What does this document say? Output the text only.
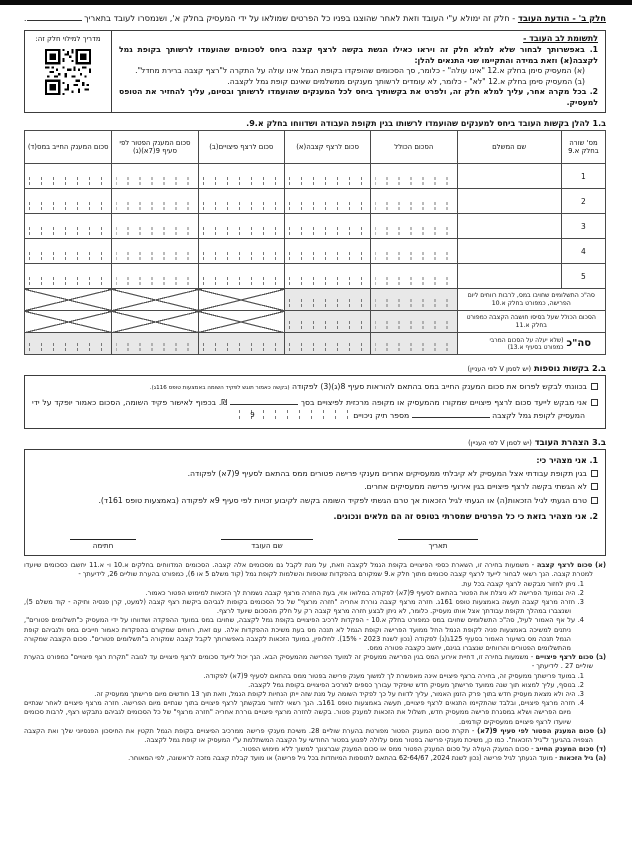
חלק ב' - הודעת העובד - חלק זה ימולא ע"י העובד וזאת לאחר שהוצגו בפניו כל הפרטים שמולאו על ידי המעסיק בחלק א', ושנמסרו לעובד בתאריך .
לתשומת לב העובד -
1. באפשרותך לבחור שלא למלא חלק זה ויראו כאילו הגשת בקשה לרצף קצבה ביחס לסכומים שהועמדו לרשותך בקופת גמל לקצבה(א) וזאת במידה והתקיימו שני התנאים להלן:
(א) המעסיק סימן בחלק א.12 "אינו עולה" - כלומר, סך הסכומים שהופקדו בקופת הגמל אינו עולה על התקרה ל"רצף קצבה ברירת מחדל".
(ב) המעסיק סימן בחלק א.12 "לא" - כלומר, לא עומדים לרשותך מענקים ממשלמים שאינם קופת גמל לקצבה.
2. בכל מקרה אחר, עליך למלא חלק זה, ולפרט את בקשותיך ביחס לכל המענקים שהועמדו לרשותך ובסיום, עליך להחזיר את הטופס למעסיק.
מדריך למילוי חלק זה:
ב.1 להלן בקשות העובד ביחס למענקים שהועמדו לרשותו בגין תקופת העבודה ושדווחו בחלק א.9.
מס' שורה בחלק א.9	שם המשלם	הסכום הכולל	סכום לרצף קצבה(א)	סכום לרצף פיצויים(ב)	סכום המענק הפטור לפי סעיף 9(7א)(ג)	סכום המענק החייב במס(ד)
1		

2		

3		

4		

5		

סה"כ התשלומים שחויבו במס, לרבות רווחים ליום הפרישה, כמפורט בחלק א.10		

הסכום הכולל שעל בסיסו חושבה הקצבה כמפורט בחלק א.11		

סה"כ
(שלא יעלה על הסכום המרבי כמפורט בסעיף א.13)						

ב.2 בקשות נוספות (יש לסמן V לפי העניין)
בכוונתי לבקש לפרוס את סכום המענק החייב במס בהתאם להוראות סעיף 8(ג)(3) לפקודה (בקשה כאמור תוגש לפקיד השומה באמצעות טופס 116ג).
אני מבקש לייעד סכום לרצף פיצויים שמקורו מהמעסיק או מקופה מרכזית לפיצויים בסך  ₪. בכפוף לאישור פקיד השומה, הסכום כאמור יופקד על ידי המעסיק לקופת גמל לקצבה  מספר תיק ניכויים
9
ב.3 הצהרת העובד (יש לסמן V לפי העניין)
1. אני מצהיר כי:
בגין תקופת עבודתי אצל המעסיק לא קיבלתי ממעסיקים אחרים מענקי פרישה פטורים ממס בהתאם לסעיף 9(7א) לפקודה.
לא הגשתי בקשה לרצף פיצויים בגין אירועי פרישה ממעסיקים אחרים.
טרם הגעתי לגיל הזכאות(ה) או הגעתי לגיל הזכאות אך טרם הגשתי לפקיד השומה בקשה לקיבוע זכויות לפי סעיף 9א לפקודה (באמצעות טופס 161ד).
2. אני מצהיר בזאת כי כל הפרטים שמסרתי בטופס זה הם מלאים ונכונים.
תאריך
שם העובד
חתימה
(א) סכום לרצף קצבה - משמעות בחירה זו, השארת כספי הפיצויים בקופת הגמל לקצבה וזאת, על מנת לקבל גם מסכומים אלה קצבה. הסכומים המדווחים בחלקים א.10 ו- א.11 יחשבו כסכומים שיועדו למטרת קצבה. הנך רשאי לבחור לייעד לרצף קצבה סכומים מתוך חלק א.9 שמקורם בהפקדות שוטפות והשלמות לקופת גמל (קוד משלם 5 או 6), כמפורט בהערת שוליים 26, לידיעתך -
1. ניתן לחזור מבקשה לרצף קצבה בכל עת.
2. היה ובמועד הפרישה לא ניצלת את הפטור בהתאם לסעיף 9(7א) לפקודה במלואו אזי, בעת החזרה מרצף קצבה נשמרת לך הזכאות למימוש הפטור כאמור.
3. חזרה מרצף קצבה תעשה באמצעות טופס 161ג. חזרה מרצף קצבה גוררת אחריה "חזרה מרצף" של כל הסכומים בקופות לגביהם ביקשת רצף קצבה (למעט, קרן פנסיה ותיקה - קוד משלם 5), ושנצברו במהלך תקופת עבודתך אצל אותו מעסיק. כלומר, לא ניתן לבצע חזרה מרצף קצבה רק על חלק מהסכום שיועד לרצף.
4. על אף האמור לעיל, סה"כ התשלומים שחויבו במס כמפורט בחלק א.10 - הפקדות לרכיב הפיצויים בקופת גמל לקצבה, שחויבו במס במועד ההפקדה ושדווחו על ידי המעסיק כ"תשלומים פטורים", ניתנים למשיכה באמצעות פניה לקופת הגמל החל ממועד הפרישה וקופת הגמל לא תנכה מס בעת משיכת ההפקדות אלה. עם זאת, רווחים שמקורם בהפקדות כאמור חייבים במס ולגביהם קופת הגמל תנכה מס בשיעור האמור בסעיף 125ג(ג) לפקודה (נכון לשנת 2023 - 15%). לחלופין, במועד הזכאות לקצבה באפשרותך לקבל קצבה שמקורה ב"תשלומים פטורים". סכום הקצבה שמקורה מהתשלומים הפטורים והרווחים שנצברו בגינם, יחשב כקצבה פטורה ממס.
(ב) סכום לרצף פיצויים - משמעות בחירה זו, דחיית אירוע המס בגין הפרישה ממעסיק זה למועד הפרישה מהמעסיק הבא. הנך יכול לייעד סכומים לרצף פיצויים עד לגובה "תקרת רצף פיצויים" כמפורט בהערת שוליים 27 . לידיעתך -
1. במועד פרישתך ממעסיק זה, בחירה ברצף פיצויים אינה מאפשרת לך למשוך מענק פרישה בפטור ממס בהתאם לסעיף 9(7א) לפקודה.
2. בנוסף, עליך למצוא תוך שנה ממועד פרישתך מעסיק חדש שיפקיד עבורך כספים למרכיב הפיצויים בקופת גמל לקצבה.
3. היה ולא מצאת מעסיק חדש בתוך פרק הזמן האמור, עליך לדווח על כך לפקיד השומה על מנת שזה ייתן הנחיות לקופת הגמל, וזאת תוך 13 חודשים מיום פרישתך ממעסיק זה.
4. חזרה מרצף פיצויים, ובלבד שהתקיימו התנאים לרצף פיצויים, תעשה באמצעות טופס 161ב. הנך רשאי לחזור מבקשתך לרצף פיצויים בתוך שנתיים מיום הפרישה. חזרה מרצף פיצויים לאחר שנתיים מיום הפרישה ושלא במסגרת פרישה ממעסיק חדש, תשלול את הזכאות למענק פטור. בקשה לחזרה מרצף פיצויים גוררת אחריה "חזרה מרצף" של כל הסכומים לגביהם נתבקש רצף, לרבות סכומים שיועדו לרצף פיצויים ממעסיקים קודמים.
(ג) סכום המענק הפטור לפי סעיף 9(7א) - תקרת סכום המענק הפטור מפורטת בהערת שוליים 28. משיכת מענקי פרישה ממרכיב הפיצויים בקופת הגמל תקטין את החיסכון הפנסיוני שלך ואת הקצבה הצפויה בהגיעך ל"גיל הזכאות". כמו כן, משיכת מענקי פרישה בפטור ממס עלולה לפגוע בפטור החודשי על הקצבה המשתלמת ע"י המעסיק או קופת גמל לקצבה.
(ד) סכום המענק החייב - סכום המענק העולה על סכום המענק הפטור ממס או סכום המענק שברצונך למשוך ללא מימוש הפטור.
(ה) גיל הזכאות - מועד הגעתך לגיל פרישה (נכון לשנת 2024, 62-64/67 בהתאם לתוספות המיוחדות בכל גיל פרישה) או מועד קבלת קצבה מזכה לראשונה, לפי המאוחר.
